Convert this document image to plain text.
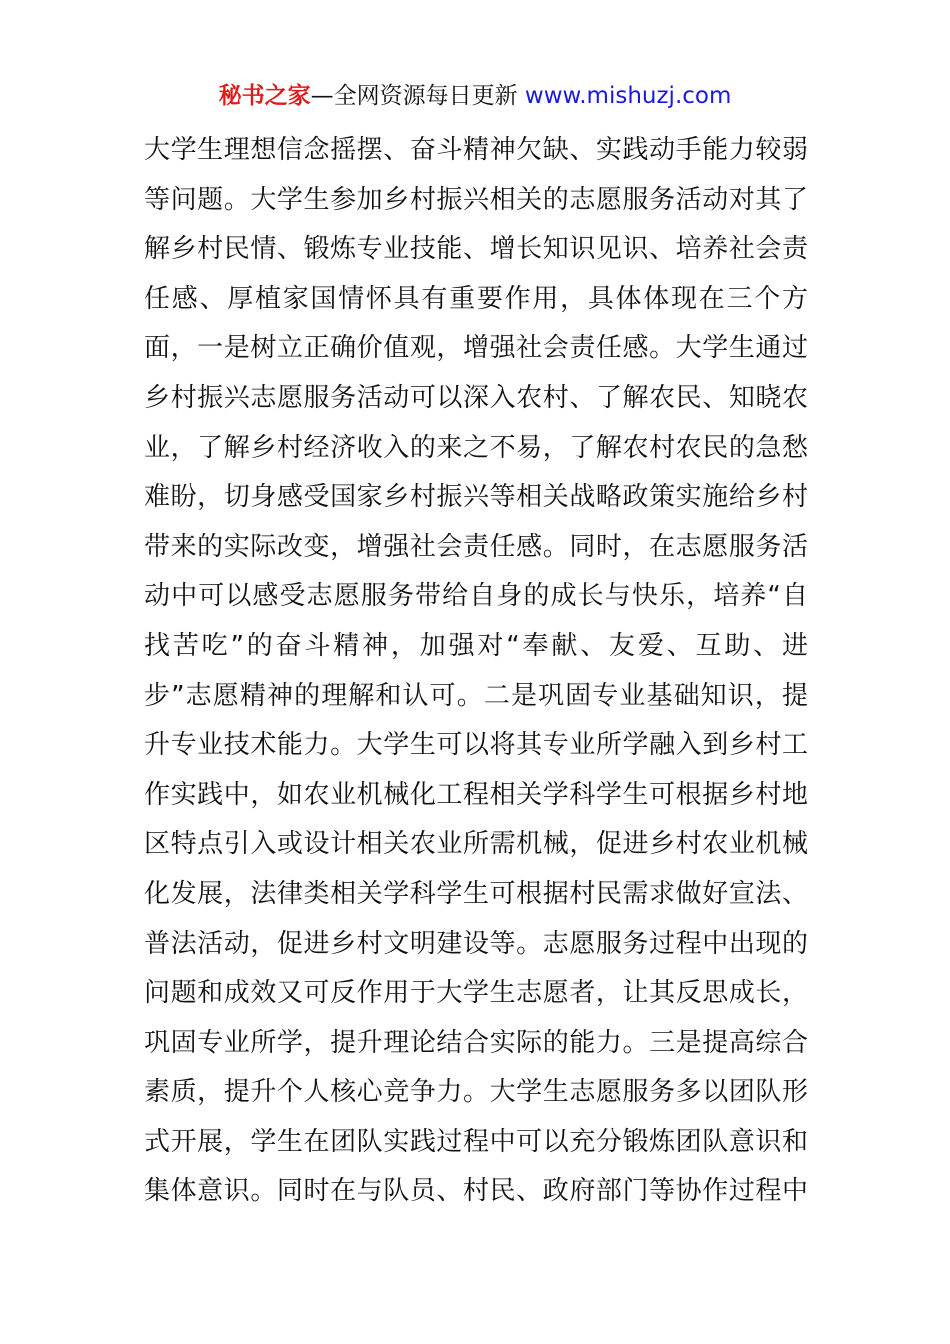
秘书之家—全网资源每日更新 www.mishuzj.com
大学生理想信念摇摆、奋斗精神欠缺、实践动手能力较弱
等问题。大学生参加乡村振兴相关的志愿服务活动对其了
解乡村民情、锻炼专业技能、增长知识见识、培养社会责
任感、厚植家国情怀具有重要作用，具体体现在三个方
面，一是树立正确价值观，增强社会责任感。大学生通过
乡村振兴志愿服务活动可以深入农村、了解农民、知晓农
业，了解乡村经济收入的来之不易，了解农村农民的急愁
难盼，切身感受国家乡村振兴等相关战略政策实施给乡村
带来的实际改变，增强社会责任感。同时，在志愿服务活
动中可以感受志愿服务带给自身的成长与快乐，培养“自
找苦吃”的奋斗精神，加强对“奉献、友爱、互助、进
步”志愿精神的理解和认可。二是巩固专业基础知识，提
升专业技术能力。大学生可以将其专业所学融入到乡村工
作实践中，如农业机械化工程相关学科学生可根据乡村地
区特点引入或设计相关农业所需机械，促进乡村农业机械
化发展，法律类相关学科学生可根据村民需求做好宣法、
普法活动，促进乡村文明建设等。志愿服务过程中出现的
问题和成效又可反作用于大学生志愿者，让其反思成长，
巩固专业所学，提升理论结合实际的能力。三是提高综合
素质，提升个人核心竞争力。大学生志愿服务多以团队形
式开展，学生在团队实践过程中可以充分锻炼团队意识和
集体意识。同时在与队员、村民、政府部门等协作过程中
